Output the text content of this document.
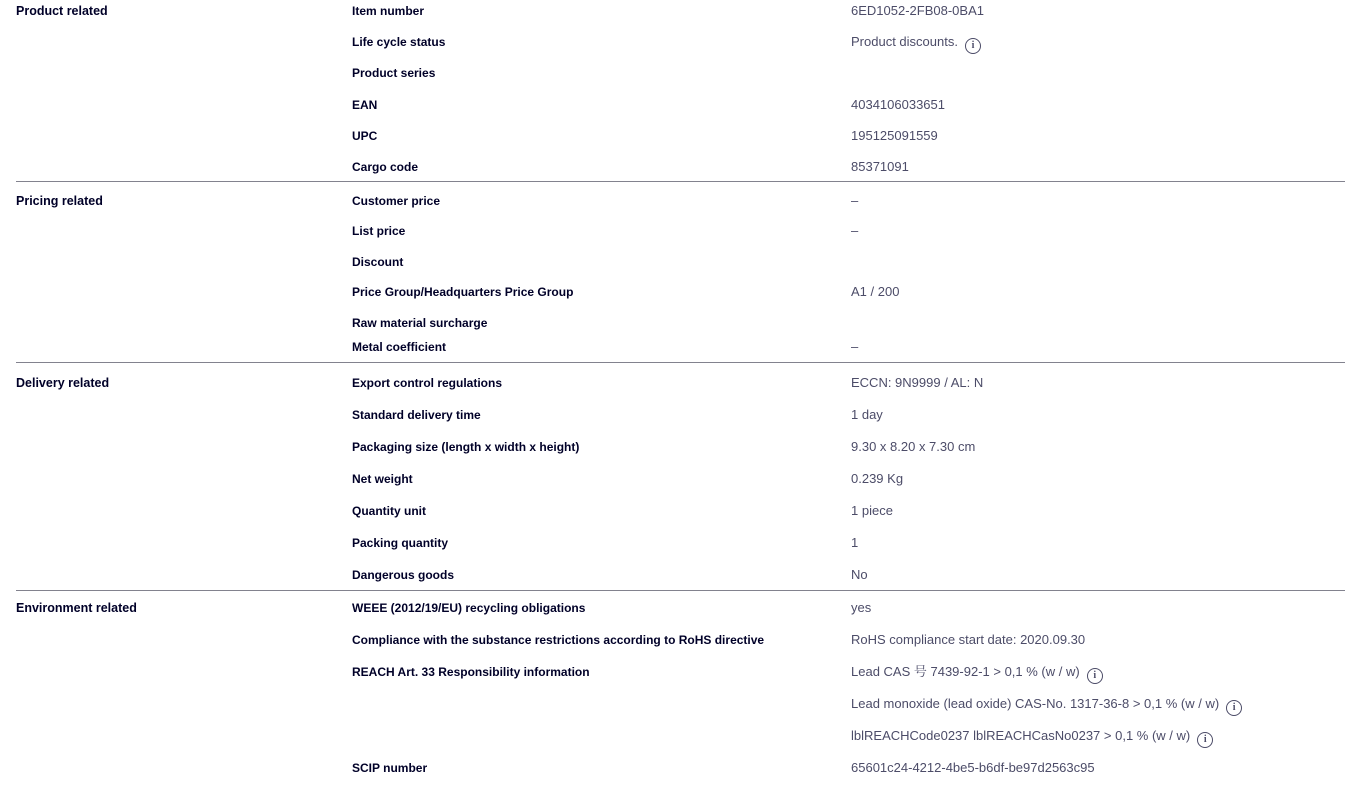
Product related	Item number	6ED1052-2FB08-0BA1
Life cycle status	Product discounts. i
Product series
EAN	4034106033651
UPC	195125091559
Cargo code	85371091
Pricing related	Customer price	–
List price	–
Discount
Price Group/Headquarters Price Group	A1 / 200
Raw material surcharge
Metal coefficient	–
Delivery related	Export control regulations	ECCN: 9N9999 / AL: N
Standard delivery time	1 day
Packaging size (length x width x height)	9.30 x 8.20 x 7.30 cm
Net weight	0.239 Kg
Quantity unit	1 piece
Packing quantity	1
Dangerous goods	No
Environment related	WEEE (2012/19/EU) recycling obligations	yes
Compliance with the substance restrictions according to RoHS directive	RoHS compliance start date: 2020.09.30
REACH Art. 33 Responsibility information	Lead CAS 号 7439-92-1 > 0,1 % (w / w) i
Lead monoxide (lead oxide) CAS-No. 1317-36-8 > 0,1 % (w / w) i
lblREACHCode0237 lblREACHCasNo0237 > 0,1 % (w / w) i
SCIP number	65601c24-4212-4be5-b6df-be97d2563c95
